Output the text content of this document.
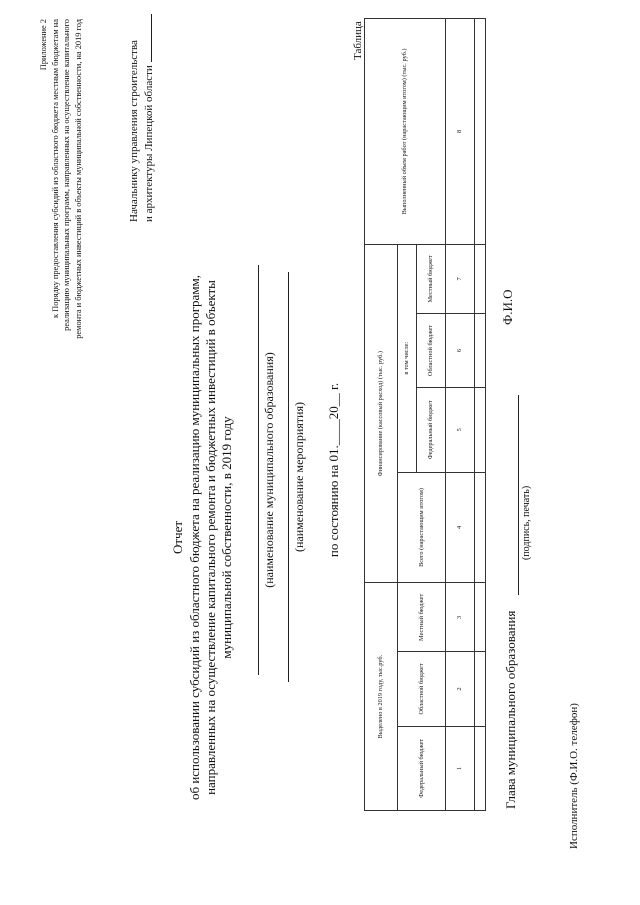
Приложение 2 к Порядку предоставления субсидий из областного бюджета местным бюджетам на реализацию муниципальных программ, направленных на осуществление капитального ремонта и бюджетных инвестиций в объекты муниципальной собственности, на 2019 год	Начальнику управления строительства и архитектуры Липецкой области
Отчет об использовании субсидий из областного бюджета на реализацию муниципальных программ, направленных на осуществление капитального ремонта и бюджетных инвестиций в объекты муниципальной собственности, в 2019 году (наименование муниципального образования) (наименование мероприятия) по состоянию на 01.____20__ г.
Таблица
Выделено в 2019 году, тыс.руб.			Финансирование (кассовый расход) (тыс. руб.)				Выполненный объем работ (нарастающим итогом) (тыс. руб.)
Федеральный бюджет	Областной бюджет	Местный бюджет	Всего (нарастающим итогом)	в том числе:			
				Федеральный бюджет	Областной бюджет	Местный бюджет	
1	2	3	4	5	6	7	8

Глава муниципального образования
(подпись, печать)
Ф.И.О
Исполнитель (Ф.И.О. телефон)
